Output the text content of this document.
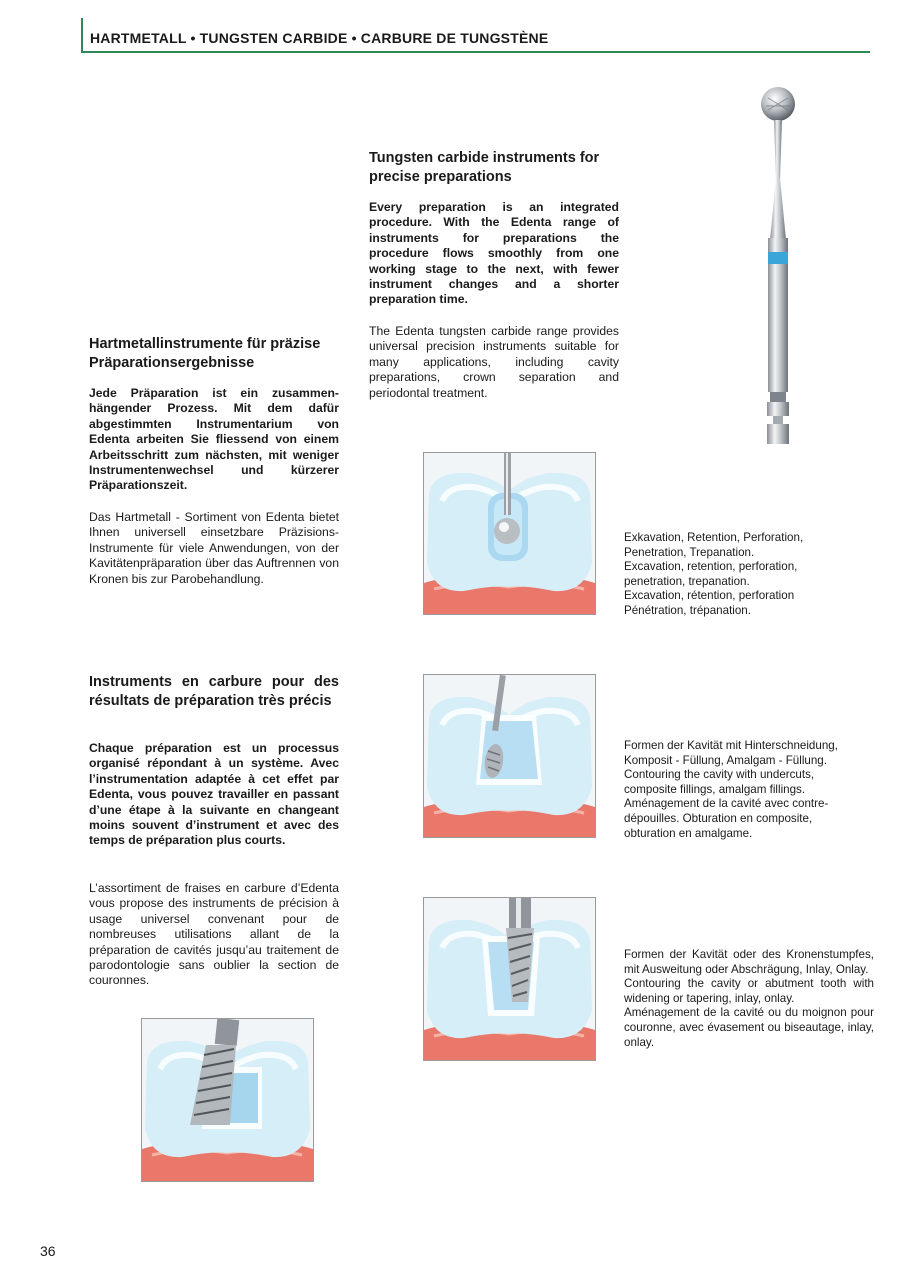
HARTMETALL • TUNGSTEN CARBIDE • CARBURE DE TUNGSTÈNE
Tungsten carbide instruments for precise preparations
Every preparation is an integrated procedure. With the Edenta range of instruments for preparations the procedure flows smoothly from one working stage to the next, with fewer instrument changes and a shorter preparation time.
The Edenta tungsten carbide range provides universal precision instruments suitable for many applications, including cavity preparations, crown separation and periodontal treatment.
Hartmetallinstrumente für präzise Präparationsergebnisse
Jede Präparation ist ein zusammen-hängender Prozess. Mit dem dafür abgestimmten Instrumentarium von Edenta arbeiten Sie fliessend von einem Arbeitsschritt zum nächsten, mit weniger Instrumentenwechsel und kürzerer Präparationszeit.
Das Hartmetall - Sortiment von Edenta bietet Ihnen universell einsetzbare Präzisions-Instrumente für viele Anwendungen, von der Kavitätenpräparation über das Auftrennen von Kronen bis zur Parobehandlung.
Instruments en carbure pour des résultats de préparation très précis
Chaque préparation est un processus organisé répondant à un système. Avec l’instrumentation adaptée à cet effet par Edenta, vous pouvez travailler en passant d’une étape à la suivante en changeant moins souvent d’instrument et avec des temps de préparation plus courts.
L’assortiment de fraises en carbure d’Edenta vous propose des instruments de précision à usage universel convenant pour de nombreuses utilisations allant de la préparation de cavités jusqu’au traitement de parodontologie sans oublier la section de couronnes.

Exkavation, Retention, Perforation,

Penetration, Trepanation.

Excavation, retention, perforation,

penetration, trepanation.

Excavation, rétention, perforation

Pénétration, trépanation.

Formen der Kavität mit Hinterschneidung,

Komposit - Füllung, Amalgam - Füllung.

Contouring the cavity with undercuts,

composite fillings, amalgam fillings.

Aménagement de la cavité avec contre-

dépouilles. Obturation en composite,

obturation en amalgame.

Formen der Kavität oder des Kronenstumpfes, mit Ausweitung oder Abschrägung, Inlay, Onlay.

Contouring the cavity or abutment tooth with widening or tapering, inlay, onlay.

Aménagement de la cavité ou du moignon pour couronne, avec évasement ou biseautage, inlay, onlay.

36
